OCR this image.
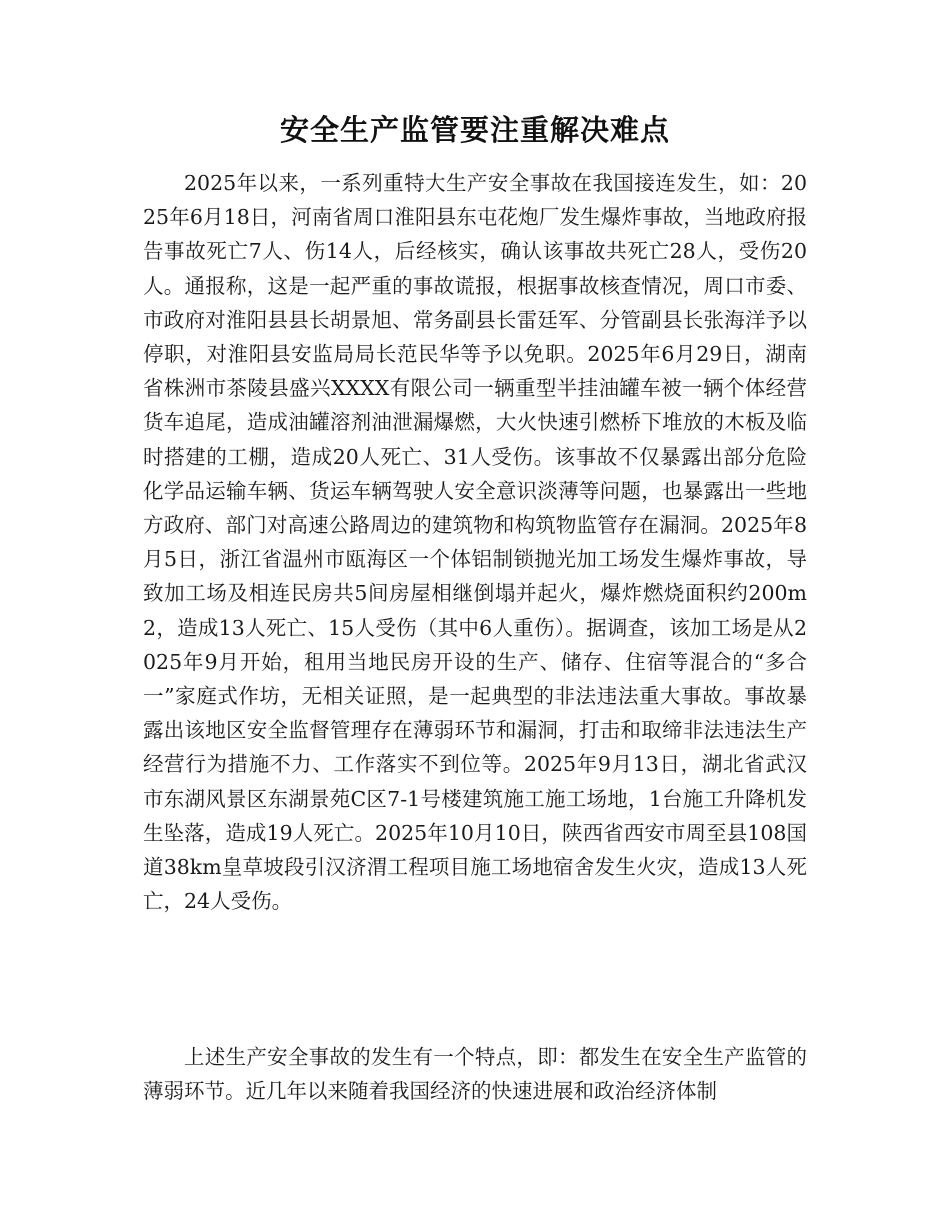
安全生产监管要注重解决难点

2025年以来，一系列重特大生产安全事故在我国接连发生，如：2025年6月18日，河南省周口淮阳县东屯花炮厂发生爆炸事故，当地政府报告事故死亡7人、伤14人，后经核实，确认该事故共死亡28人，受伤20人。通报称，这是一起严重的事故谎报，根据事故核查情况，周口市委、市政府对淮阳县县长胡景旭、常务副县长雷廷军、分管副县长张海洋予以停职，对淮阳县安监局局长范民华等予以免职。2025年6月29日，湖南省株洲市茶陵县盛兴XXXX有限公司一辆重型半挂油罐车被一辆个体经营货车追尾，造成油罐溶剂油泄漏爆燃，大火快速引燃桥下堆放的木板及临时搭建的工棚，造成20人死亡、31人受伤。该事故不仅暴露出部分危险化学品运输车辆、货运车辆驾驶人安全意识淡薄等问题，也暴露出一些地方政府、部门对高速公路周边的建筑物和构筑物监管存在漏洞。2025年8月5日，浙江省温州市瓯海区一个体铝制锁抛光加工场发生爆炸事故，导致加工场及相连民房共5间房屋相继倒塌并起火，爆炸燃烧面积约200m2，造成13人死亡、15人受伤（其中6人重伤）。据调查，该加工场是从2025年9月开始，租用当地民房开设的生产、储存、住宿等混合的“多合一”家庭式作坊，无相关证照，是一起典型的非法违法重大事故。事故暴露出该地区安全监督管理存在薄弱环节和漏洞，打击和取缔非法违法生产经营行为措施不力、工作落实不到位等。2025年9月13日，湖北省武汉市东湖风景区东湖景苑C区7-1号楼建筑施工施工场地，1台施工升降机发生坠落，造成19人死亡。2025年10月10日，陕西省西安市周至县108国道38km皇草坡段引汉济渭工程项目施工场地宿舍发生火灾，造成13人死亡，24人受伤。

上述生产安全事故的发生有一个特点，即：都发生在安全生产监管的薄弱环节。近几年以来随着我国经济的快速进展和政治经济体制
